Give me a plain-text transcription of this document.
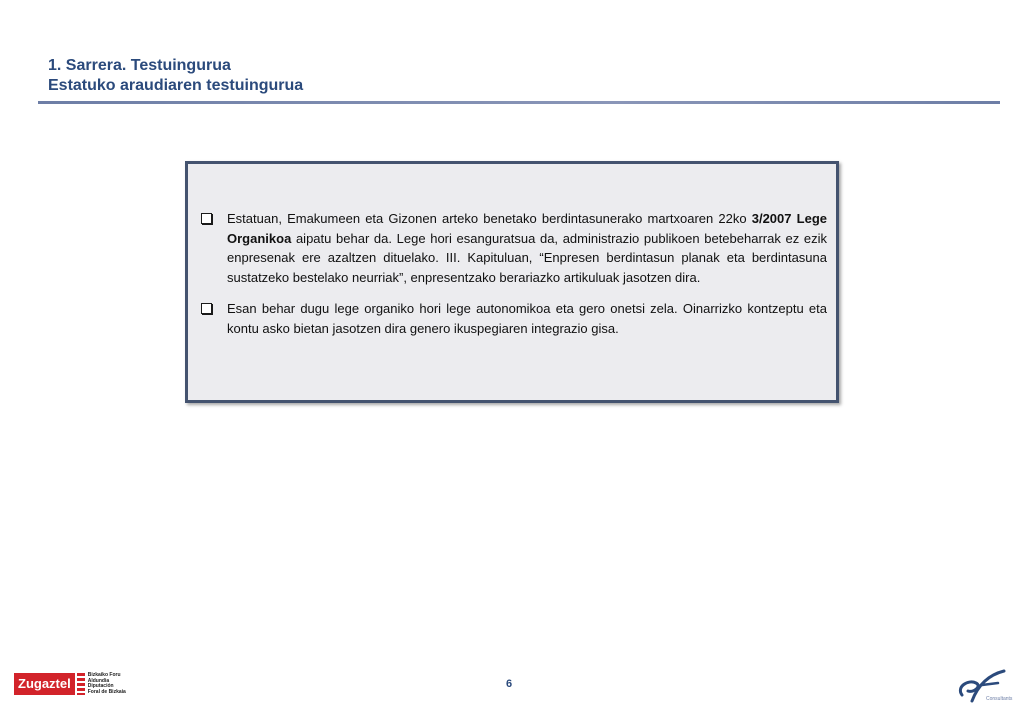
1. Sarrera. Testuingurua
Estatuko araudiaren testuingurua
Estatuan, Emakumeen eta Gizonen arteko benetako berdintasunerako martxoaren 22ko 3/2007 Lege Organikoa aipatu behar da. Lege hori esanguratsua da, administrazio publikoen betebeharrak ez ezik enpresenak ere azaltzen dituelako. III. Kapituluan, “Enpresen berdintasun planak eta berdintasuna sustatzeko bestelako neurriak”, enpresentzako berariazko artikuluak jasotzen dira.
Esan behar dugu lege organiko hori lege autonomikoa eta gero onetsi zela. Oinarrizko kontzeptu eta kontu asko bietan jasotzen dira genero ikuspegiaren integrazio gisa.
6
Zugaztel
Bizkaiko Foru
Aldundia
Diputación
Foral de Bizkaia
Consultants
